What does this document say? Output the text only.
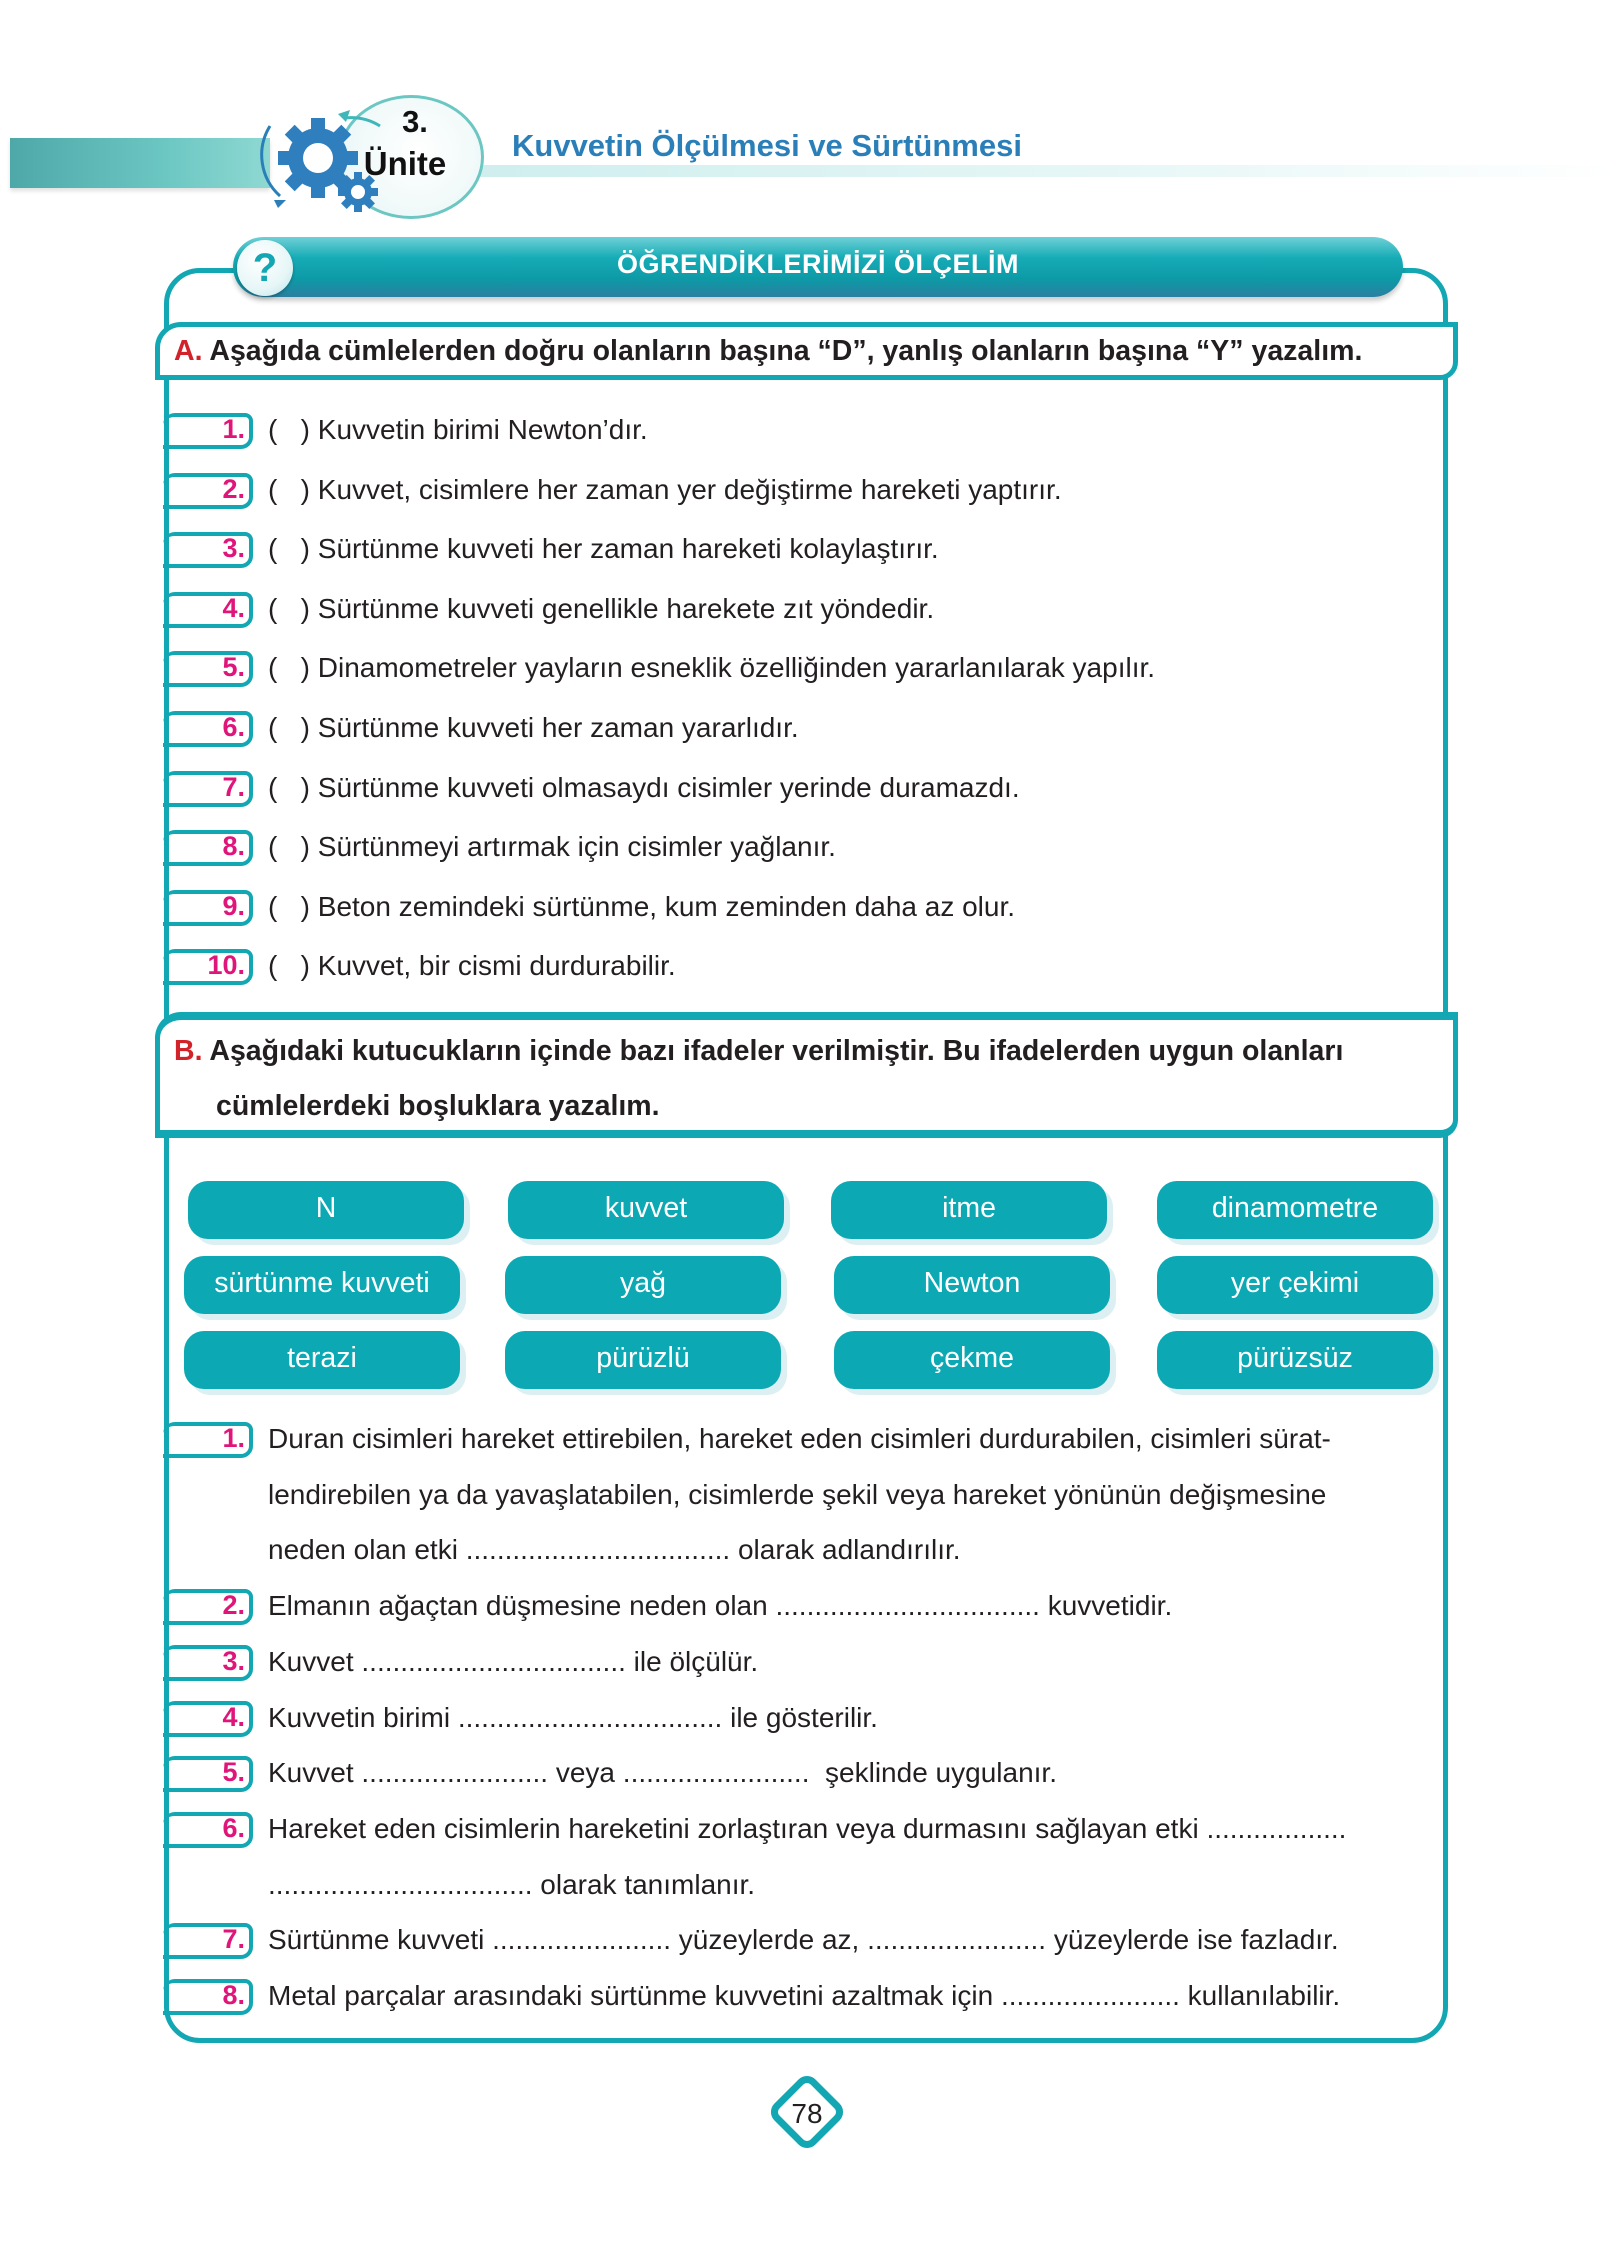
3.
Ünite	Kuvvetin Ölçülmesi ve Sürtünmesi
?	ÖĞRENDİKLERİMİZİ ÖLÇELİM
A. Aşağıda cümlelerden doğru olanların başına “D”, yanlış olanların başına “Y” yazalım.
1. (   ) Kuvvetin birimi Newton’dır.
2. (   ) Kuvvet, cisimlere her zaman yer değiştirme hareketi yaptırır.
3. (   ) Sürtünme kuvveti her zaman hareketi kolaylaştırır.
4. (   ) Sürtünme kuvveti genellikle harekete zıt yöndedir.
5. (   ) Dinamometreler yayların esneklik özelliğinden yararlanılarak yapılır.
6. (   ) Sürtünme kuvveti her zaman yararlıdır.
7. (   ) Sürtünme kuvveti olmasaydı cisimler yerinde duramazdı.
8. (   ) Sürtünmeyi artırmak için cisimler yağlanır.
9. (   ) Beton zemindeki sürtünme, kum zeminden daha az olur.
10. (   ) Kuvvet, bir cismi durdurabilir.
B. Aşağıdaki kutucukların içinde bazı ifadeler verilmiştir. Bu ifadelerden uygun olanları
cümlelerdeki boşluklara yazalım.
N	kuvvet	itme	dinamometre
sürtünme kuvveti	yağ	Newton	yer çekimi
terazi	pürüzlü	çekme	pürüzsüz
1. Duran cisimleri hareket ettirebilen, hareket eden cisimleri durdurabilen, cisimleri sürat-
lendirebilen ya da yavaşlatabilen, cisimlerde şekil veya hareket yönünün değişmesine
neden olan etki .................................. olarak adlandırılır.
2. Elmanın ağaçtan düşmesine neden olan .................................. kuvvetidir.
3. Kuvvet .................................. ile ölçülür.
4. Kuvvetin birimi .................................. ile gösterilir.
5. Kuvvet ........................ veya ........................  şeklinde uygulanır.
6. Hareket eden cisimlerin hareketini zorlaştıran veya durmasını sağlayan etki ..................
.................................. olarak tanımlanır.
7. Sürtünme kuvveti ....................... yüzeylerde az, ....................... yüzeylerde ise fazladır.
8. Metal parçalar arasındaki sürtünme kuvvetini azaltmak için ....................... kullanılabilir.
78
